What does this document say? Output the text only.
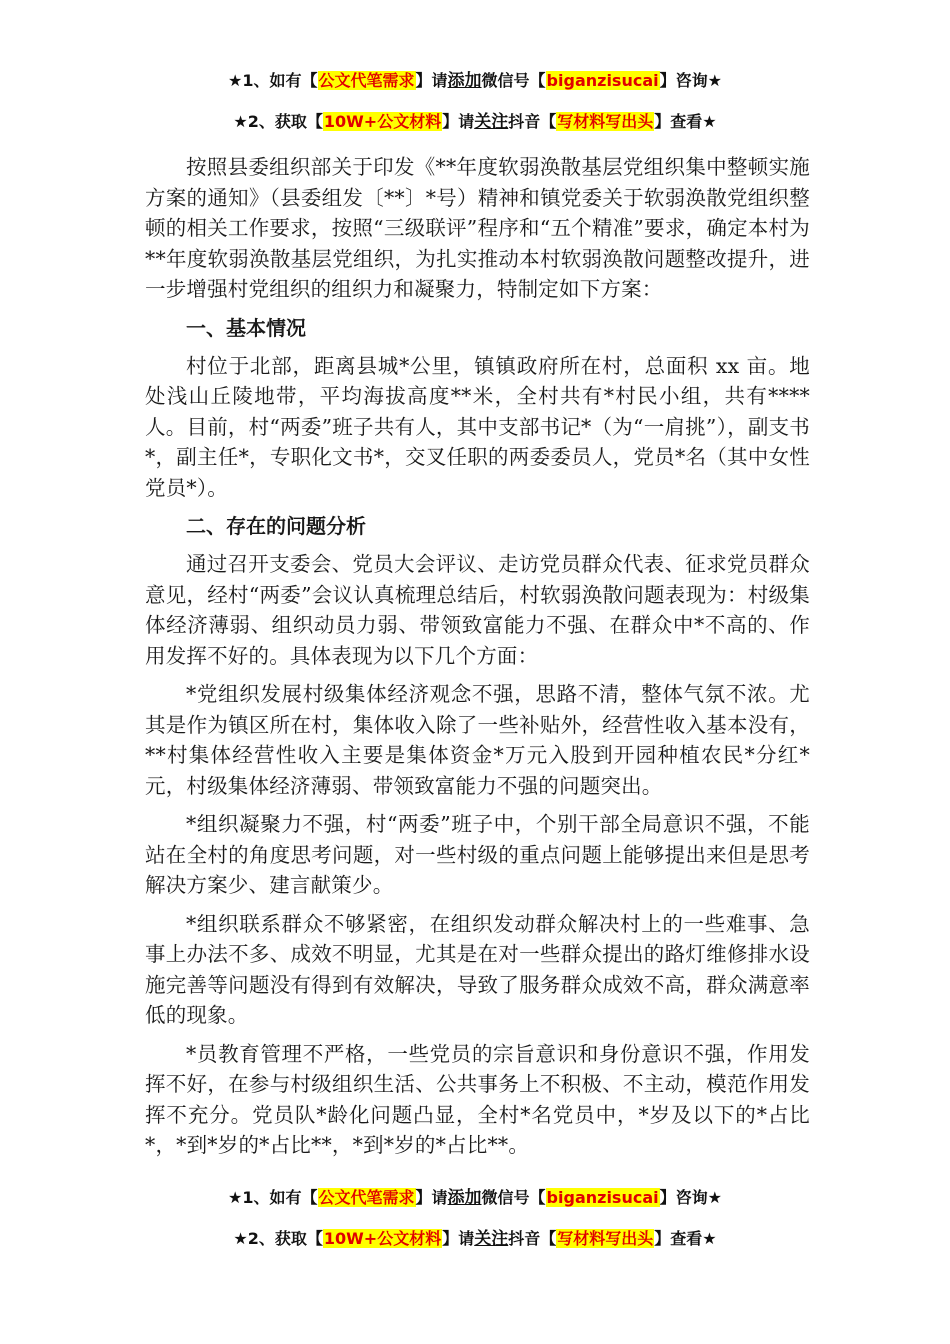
★1、如有【公文代笔需求】请添加微信号【biganzisucai】咨询★
★2、获取【10W+公文材料】请关注抖音【写材料写出头】查看★

按照县委组织部关于印发《**年度软弱涣散基层党组织集中整顿实施方案的通知》（县委组发〔**〕*号）精神和镇党委关于软弱涣散党组织整顿的相关工作要求，按照“三级联评”程序和“五个精准”要求，确定本村为**年度软弱涣散基层党组织，为扎实推动本村软弱涣散问题整改提升，进一步增强村党组织的组织力和凝聚力，特制定如下方案：

一、基本情况

村位于北部，距离县城*公里，镇镇政府所在村，总面积 xx 亩。地处浅山丘陵地带，平均海拔高度**米，全村共有*村民小组，共有****人。目前，村“两委”班子共有人，其中支部书记*（为“一肩挑”），副支书*，副主任*，专职化文书*，交叉任职的两委委员人，党员*名（其中女性党员*）。

二、存在的问题分析

通过召开支委会、党员大会评议、走访党员群众代表、征求党员群众意见，经村“两委”会议认真梳理总结后，村软弱涣散问题表现为：村级集体经济薄弱、组织动员力弱、带领致富能力不强、在群众中*不高的、作用发挥不好的。具体表现为以下几个方面：

*党组织发展村级集体经济观念不强，思路不清，整体气氛不浓。尤其是作为镇区所在村，集体收入除了一些补贴外，经营性收入基本没有，**村集体经营性收入主要是集体资金*万元入股到开园种植农民*分红*元，村级集体经济薄弱、带领致富能力不强的问题突出。

*组织凝聚力不强，村“两委”班子中，个别干部全局意识不强，不能站在全村的角度思考问题，对一些村级的重点问题上能够提出来但是思考解决方案少、建言献策少。

*组织联系群众不够紧密，在组织发动群众解决村上的一些难事、急事上办法不多、成效不明显，尤其是在对一些群众提出的路灯维修排水设施完善等问题没有得到有效解决，导致了服务群众成效不高，群众满意率低的现象。

*员教育管理不严格，一些党员的宗旨意识和身份意识不强，作用发挥不好，在参与村级组织生活、公共事务上不积极、不主动，模范作用发挥不充分。党员队*龄化问题凸显，全村*名党员中，*岁及以下的*占比*，*到*岁的*占比**，*到*岁的*占比**。

★1、如有【公文代笔需求】请添加微信号【biganzisucai】咨询★
★2、获取【10W+公文材料】请关注抖音【写材料写出头】查看★
